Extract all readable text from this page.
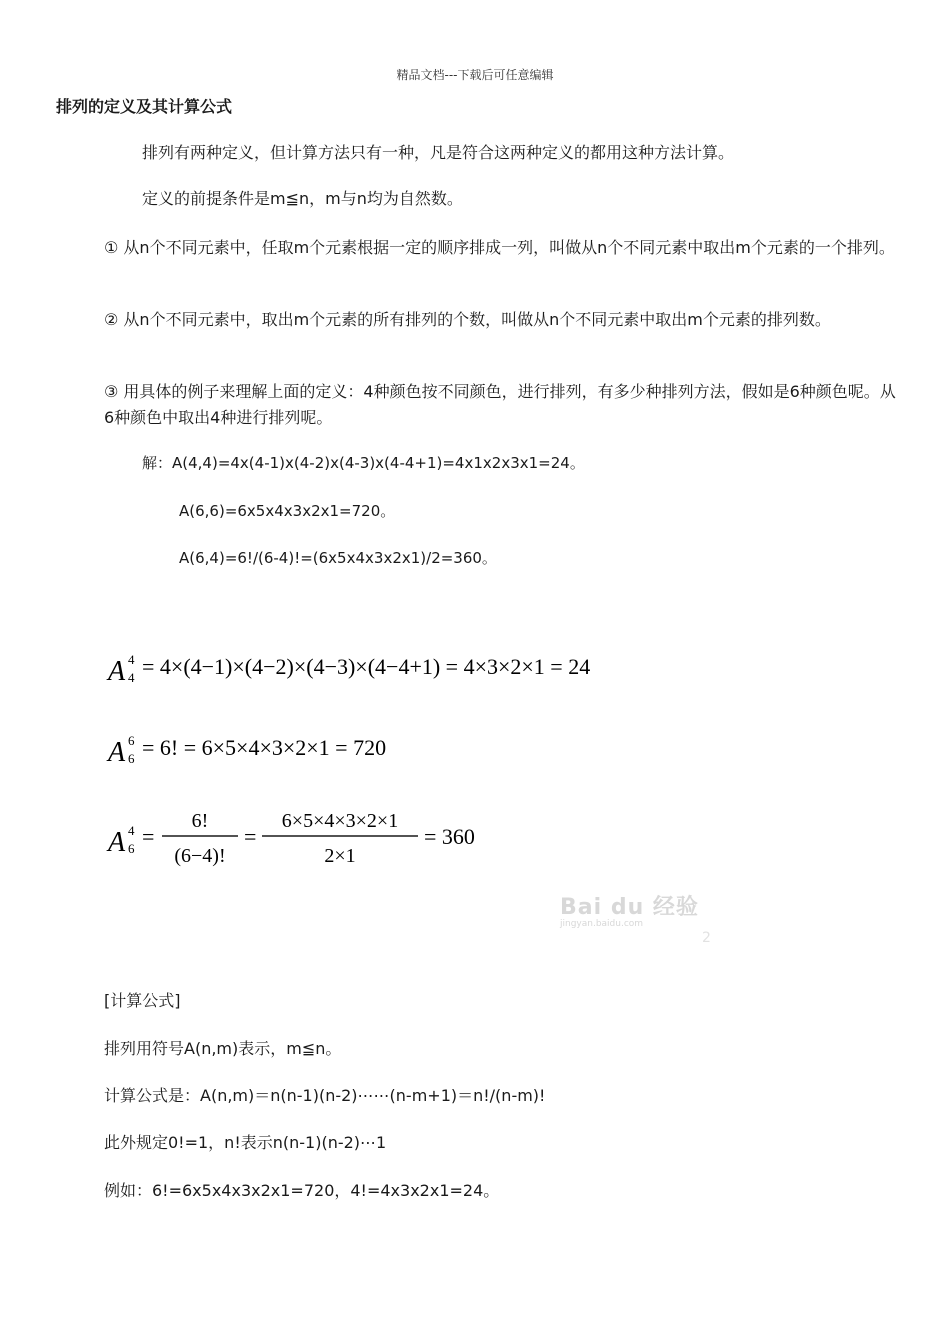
精品文档---下载后可任意编辑
排列的定义及其计算公式
排列有两种定义，但计算方法只有一种，凡是符合这两种定义的都用这种方法计算。
定义的前提条件是m≦n，m与n均为自然数。
① 从n个不同元素中，任取m个元素根据一定的顺序排成一列，叫做从n个不同元素中取出m个元素的一个排列。
② 从n个不同元素中，取出m个元素的所有排列的个数，叫做从n个不同元素中取出m个元素的排列数。
③ 用具体的例子来理解上面的定义：4种颜色按不同颜色，进行排列，有多少种排列方法，假如是6种颜色呢。从6种颜色中取出4种进行排列呢。
解：A(4,4)=4x(4-1)x(4-2)x(4-3)x(4-4+1)=4x1x2x3x1=24。
A(6,6)=6x5x4x3x2x1=720。
A(6,4)=6!/(6-4)!=(6x5x4x3x2x1)/2=360。
A 4
4 = 4×(4−1)×(4−2)×(4−3)×(4−4+1) = 4×3×2×1 = 24
A 6
6 = 6! = 6×5×4×3×2×1 = 720
A 4
6 =
6!
(6−4)!
=
6×5×4×3×2×1
2×1
= 360
Bai du 经验
jingyan.baidu.com
2
[计算公式]
排列用符号A(n,m)表示，m≦n。
计算公式是：A(n,m)＝n(n-1)(n-2)⋯⋯(n-m+1)＝n!/(n-m)!
此外规定0!=1，n!表示n(n-1)(n-2)⋯1
例如：6!=6x5x4x3x2x1=720，4!=4x3x2x1=24。
